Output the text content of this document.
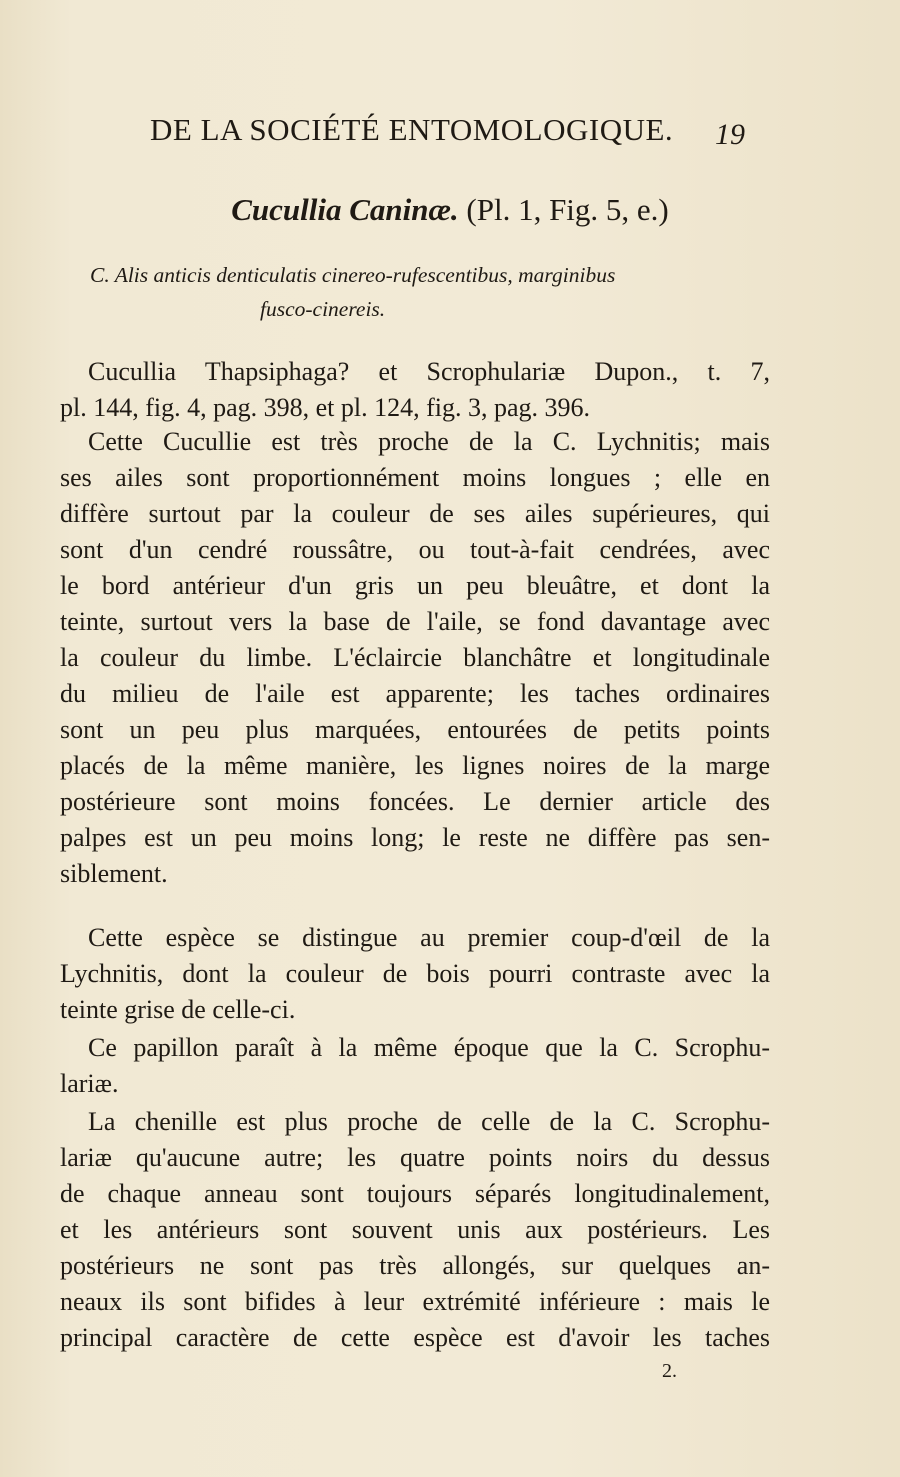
DE LA SOCIÉTÉ ENTOMOLOGIQUE. 19
Cucullia Caninæ. (Pl. 1, Fig. 5, e.)
C. Alis anticis denticulatis cinereo-rufescentibus, marginibus
fusco-cinereis.
Cucullia Thapsiphaga? et Scrophulariæ Dupon., t. 7,
pl. 144, fig. 4, pag. 398, et pl. 124, fig. 3, pag. 396.
Cette Cucullie est très proche de la C. Lychnitis; mais
ses ailes sont proportionnément moins longues ; elle en
diffère surtout par la couleur de ses ailes supérieures, qui
sont d'un cendré roussâtre, ou tout-à-fait cendrées, avec
le bord antérieur d'un gris un peu bleuâtre, et dont la
teinte, surtout vers la base de l'aile, se fond davantage avec
la couleur du limbe. L'éclaircie blanchâtre et longitudinale
du milieu de l'aile est apparente; les taches ordinaires
sont un peu plus marquées, entourées de petits points
placés de la même manière, les lignes noires de la marge
postérieure sont moins foncées. Le dernier article des
palpes est un peu moins long; le reste ne diffère pas sen-
siblement.
Cette espèce se distingue au premier coup-d'œil de la
Lychnitis, dont la couleur de bois pourri contraste avec la
teinte grise de celle-ci.
Ce papillon paraît à la même époque que la C. Scrophu-
lariæ.
La chenille est plus proche de celle de la C. Scrophu-
lariæ qu'aucune autre; les quatre points noirs du dessus
de chaque anneau sont toujours séparés longitudinalement,
et les antérieurs sont souvent unis aux postérieurs. Les
postérieurs ne sont pas très allongés, sur quelques an-
neaux ils sont bifides à leur extrémité inférieure : mais le
principal caractère de cette espèce est d'avoir les taches
2.
